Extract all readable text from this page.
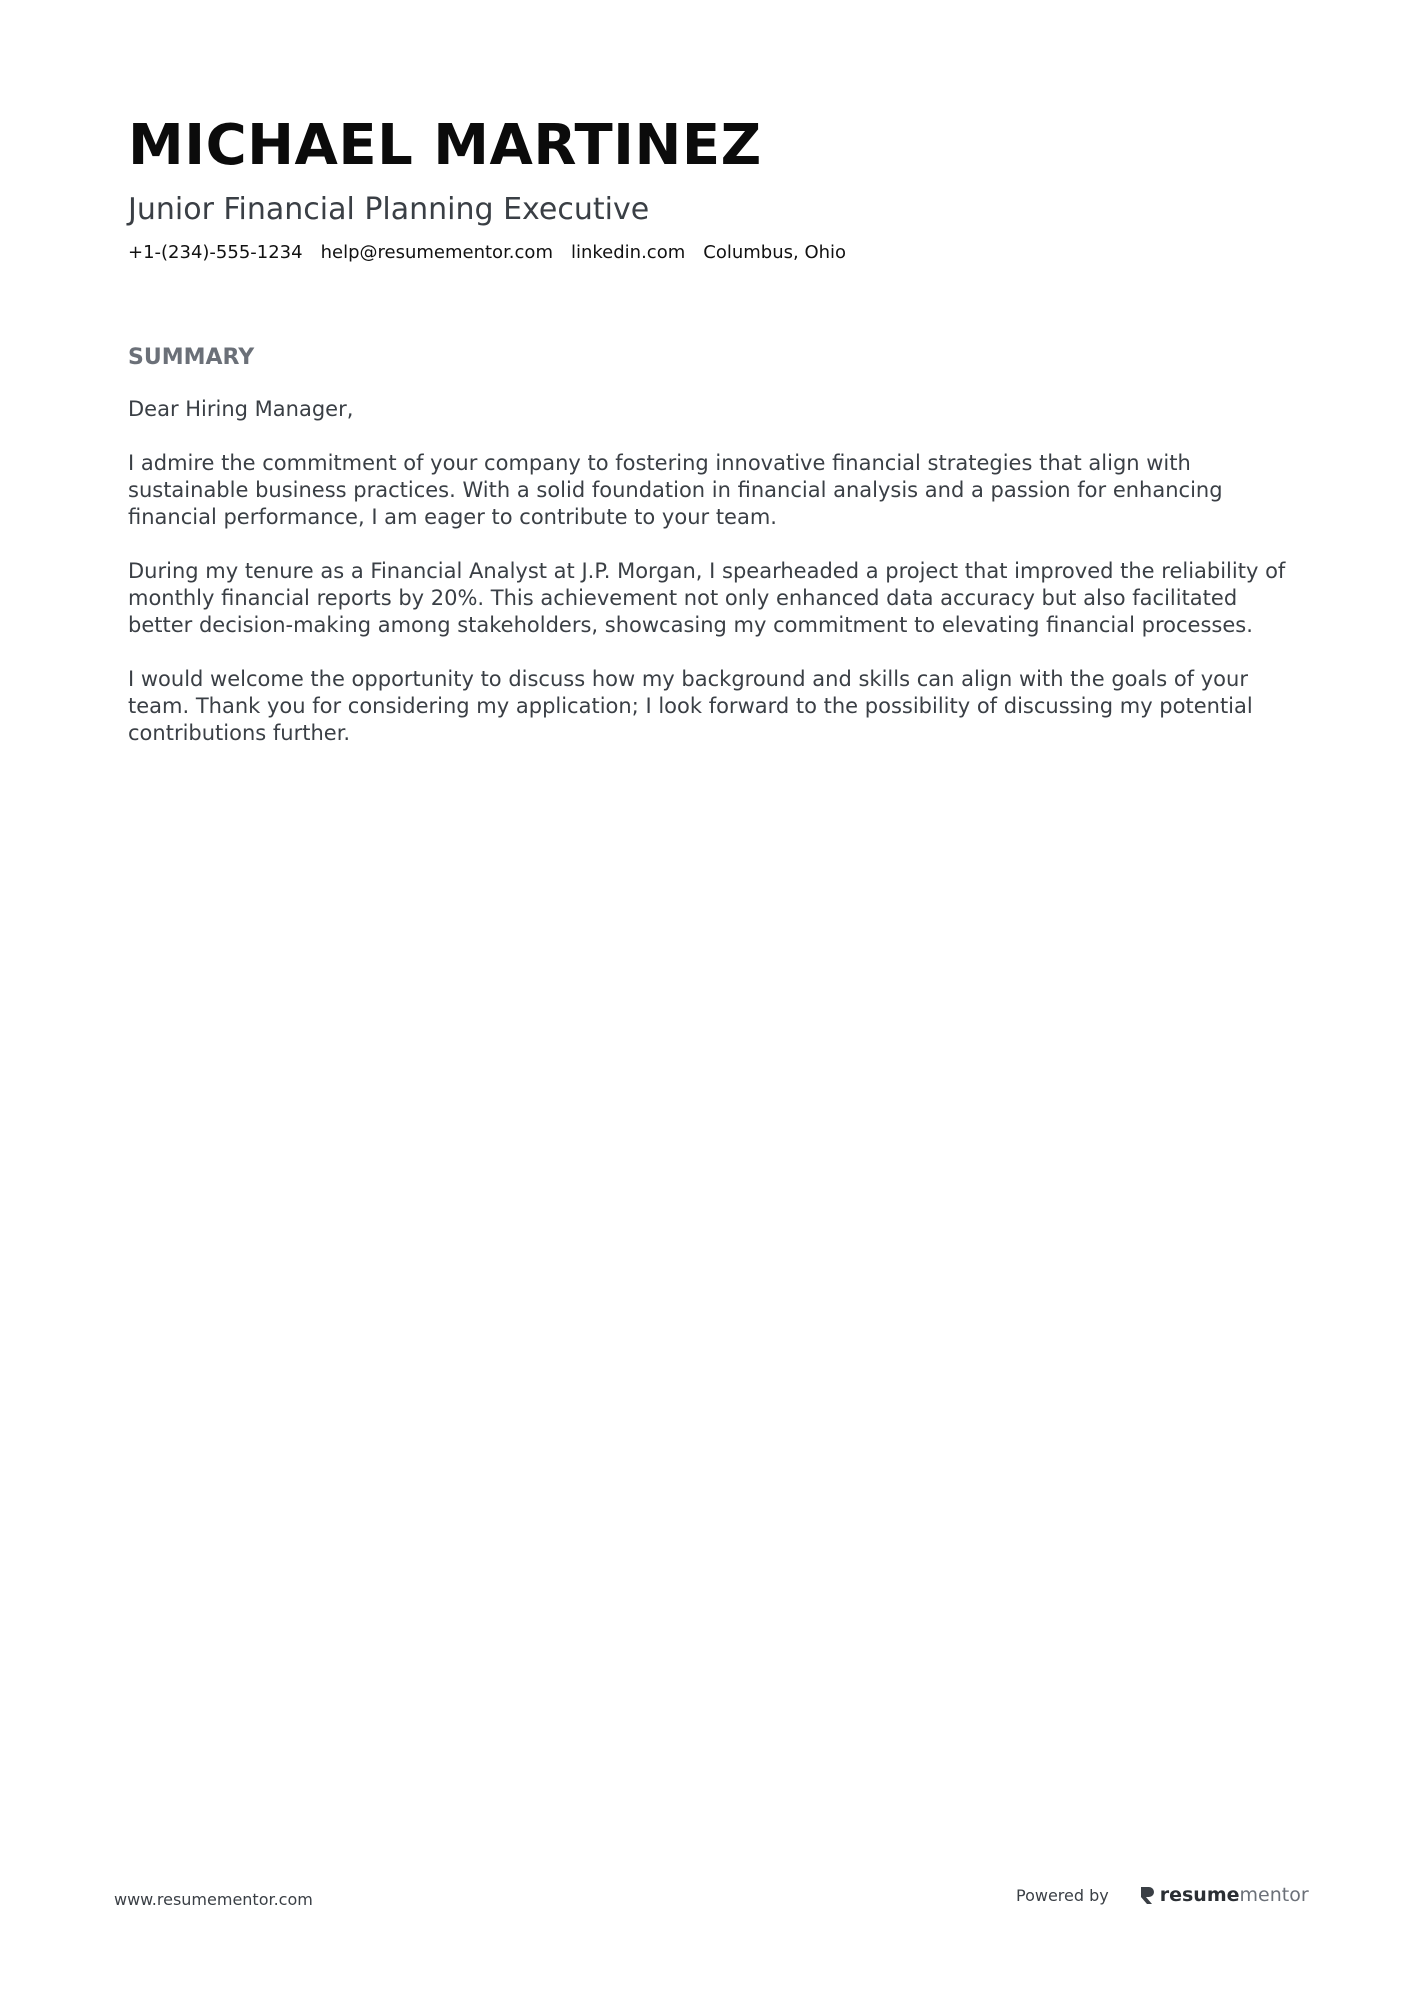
MICHAEL MARTINEZ
Junior Financial Planning Executive
+1-(234)-555-1234 help@resumementor.com linkedin.com Columbus, Ohio
SUMMARY

Dear Hiring Manager,

I admire the commitment of your company to fostering innovative financial strategies that align with sustainable business practices. With a solid foundation in financial analysis and a passion for enhancing financial performance, I am eager to contribute to your team.

During my tenure as a Financial Analyst at J.P. Morgan, I spearheaded a project that improved the reliability of monthly financial reports by 20%. This achievement not only enhanced data accuracy but also facilitated better decision-making among stakeholders, showcasing my commitment to elevating financial processes.

I would welcome the opportunity to discuss how my background and skills can align with the goals of your team. Thank you for considering my application; I look forward to the possibility of discussing my potential contributions further.

www.resumementor.com	Powered by	resume mentor
